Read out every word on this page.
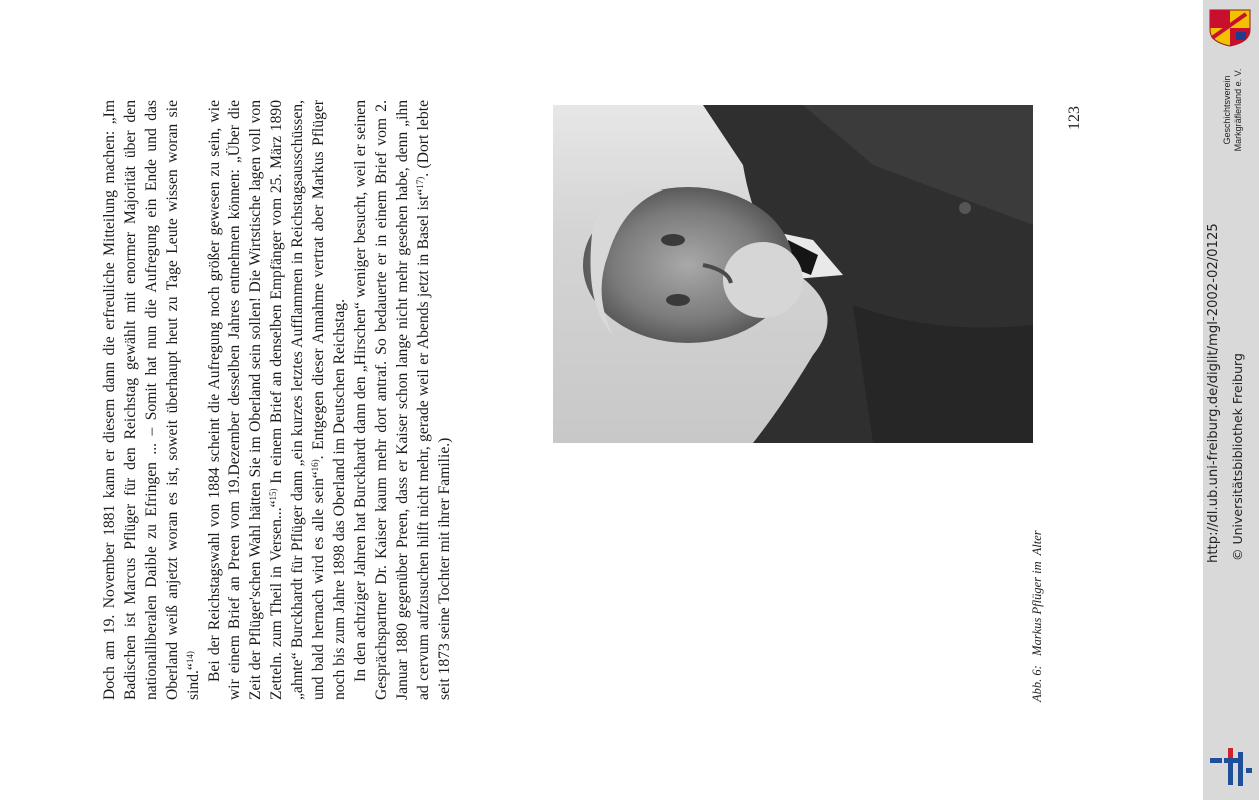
Doch am 19. November 1881 kann er diesem dann die erfreuliche Mitteilung machen: „Im Badischen ist Marcus Pflüger für den Reichstag gewählt mit enormer Majorität über den nationalliberalen Daible zu Efringen ... – Somit hat nun die Aufregung ein Ende und das Oberland weiß anjetzt woran es ist, soweit überhaupt heut zu Tage Leute wissen woran sie sind.“$^{14)}$ Bei der Reichstagswahl von 1884 scheint die Aufregung noch größer gewesen zu sein, wie wir einem Brief an Preen vom 19.Dezember desselben Jahres entnehmen können: „Über die Zeit der Pflüger'schen Wahl hätten Sie im Oberland sein sollen! Die Wirtstische lagen voll von Zetteln. zum Theil in Versen...“$^{15)}$ In einem Brief an denselben Empfänger vom 25. März 1890 „ahnte“ Burckhardt für Pflüger dann „ein kurzes letztes Aufflammen in Reichstagsausschüssen, und bald hernach wird es alle sein“$^{16)}$. Entgegen dieser Annahme vertrat aber Markus Pflüger noch bis zum Jahre 1898 das Oberland im Deutschen Reichstag. In den achtziger Jahren hat Burckhardt dann den „Hirschen“ weniger besucht, weil er seinen Gesprächspartner Dr. Kaiser kaum mehr dort antraf. So bedauerte er in einem Brief vom 2. Januar 1880 gegenüber Preen, dass er Kaiser schon lange nicht mehr gesehen habe, denn „ihn ad cervum aufzusuchen hilft nicht mehr, gerade weil er Abends jetzt in Basel ist“$^{17)}$. (Dort lebte seit 1873 seine Tochter mit ihrer Familie.)	Abb. 6:   Markus Pflüger im  Alter
123	Geschichtsverein Markgräflerland e. V.
http://dl.ub.uni-freiburg.de/diglit/mgl-2002-02/0125 © Universitätsbibliothek Freiburg
